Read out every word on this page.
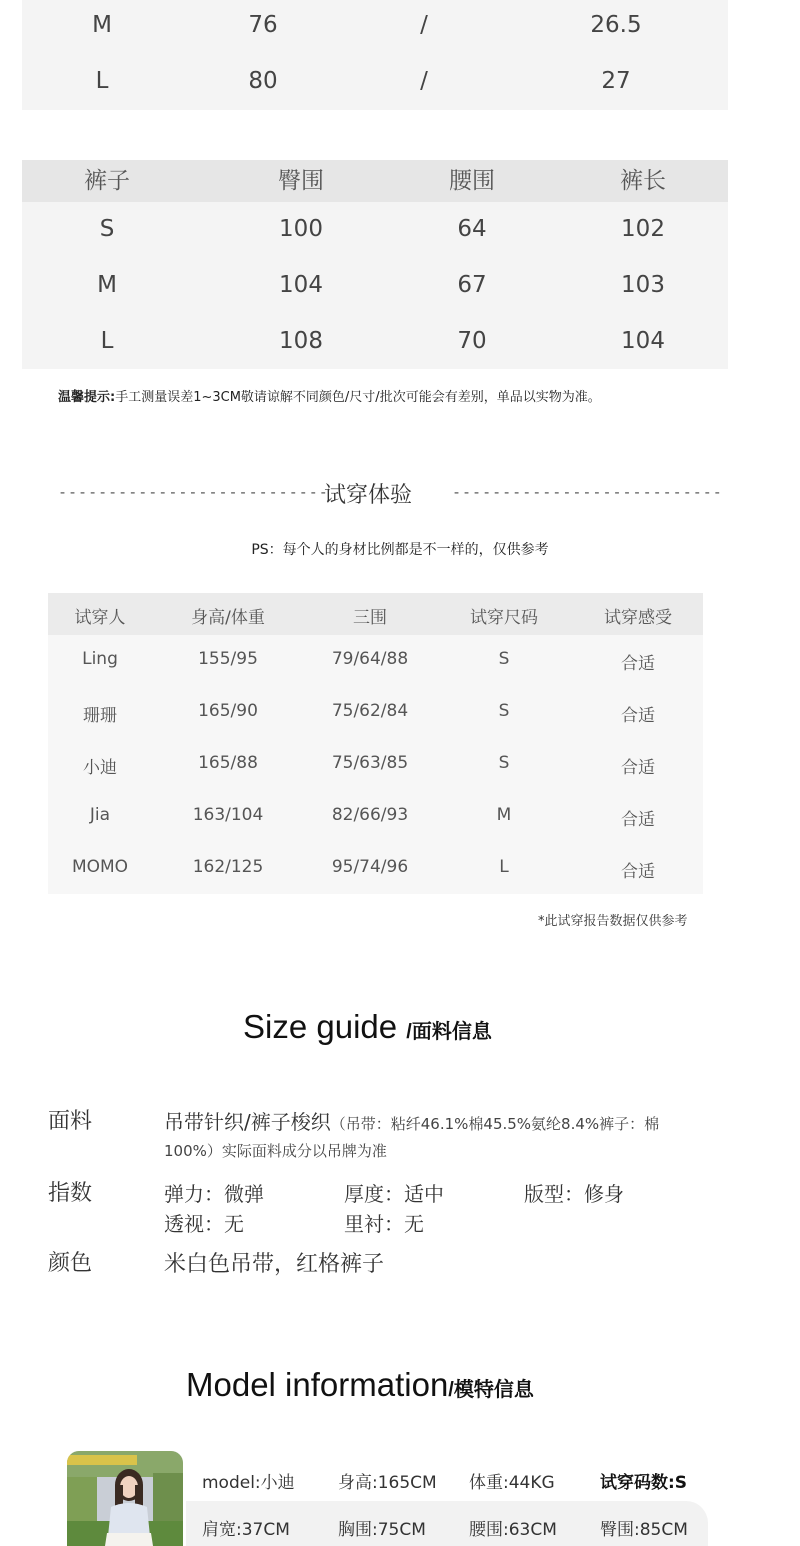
M	76	/	26.5
L	80	/	27
裤子	臀围	腰围	裤长
S	100	64	102
M	104	67	103
L	108	70	104
温馨提示:手工测量误差1~3CM敬请谅解不同颜色/尺寸/批次可能会有差别，单品以实物为准。
---------------------------
试穿体验	---------------------------
PS：每个人的身材比例都是不一样的，仅供参考
试穿人	身高/体重	三围	试穿尺码	试穿感受
Ling	155/95	79/64/88	S	合适
珊珊	165/90	75/62/84	S	合适
小迪	165/88	75/63/85	S	合适
Jia	163/104	82/66/93	M	合适
MOMO	162/125	95/74/96	L	合适
*此试穿报告数据仅供参考
Size guide /面料信息
面料	吊带针织/裤子梭织（吊带：粘纤46.1%棉45.5%氨纶8.4%裤子：棉
100%）实际面料成分以吊牌为准
指数	弹力：微弹	厚度：适中	版型：修身
透视：无	里衬：无
颜色	米白色吊带，红格裤子
Model information/模特信息
model:小迪	身高:165CM 体重:44KG	试穿码数:S
肩宽:37CM	胸围:75CM	腰围:63CM	臀围:85CM
